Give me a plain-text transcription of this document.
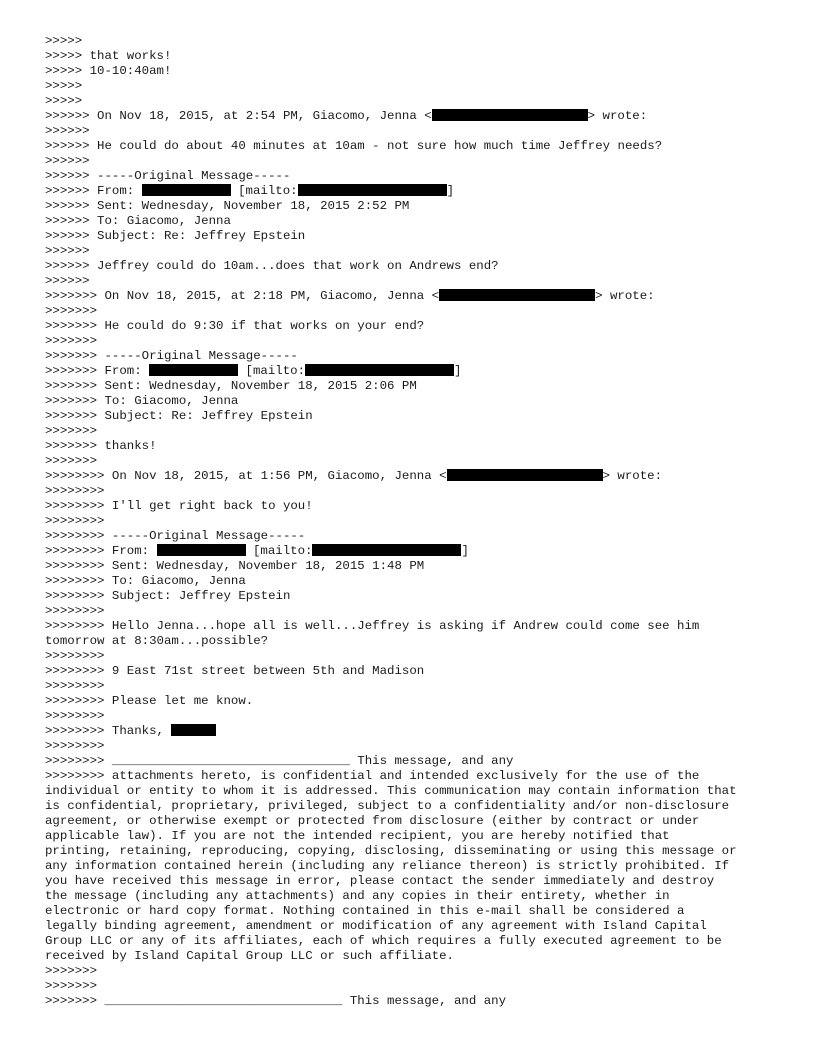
>>>>>
>>>>> that works!
>>>>> 10-10:40am!
>>>>>
>>>>>
>>>>>> On Nov 18, 2015, at 2:54 PM, Giacomo, Jenna <	> wrote:
>>>>>>
>>>>>> He could do about 40 minutes at 10am - not sure how much time Jeffrey needs?
>>>>>>
>>>>>> -----Original Message-----
>>>>>> From:	[mailto:	]
>>>>>> Sent: Wednesday, November 18, 2015 2:52 PM
>>>>>> To: Giacomo, Jenna
>>>>>> Subject: Re: Jeffrey Epstein
>>>>>>
>>>>>> Jeffrey could do 10am...does that work on Andrews end?
>>>>>>
>>>>>>> On Nov 18, 2015, at 2:18 PM, Giacomo, Jenna <	> wrote:
>>>>>>>
>>>>>>> He could do 9:30 if that works on your end?
>>>>>>>
>>>>>>> -----Original Message-----
>>>>>>> From:	[mailto:	]
>>>>>>> Sent: Wednesday, November 18, 2015 2:06 PM
>>>>>>> To: Giacomo, Jenna
>>>>>>> Subject: Re: Jeffrey Epstein
>>>>>>>
>>>>>>> thanks!
>>>>>>>
>>>>>>>> On Nov 18, 2015, at 1:56 PM, Giacomo, Jenna <	> wrote:
>>>>>>>>
>>>>>>>> I'll get right back to you!
>>>>>>>>
>>>>>>>> -----Original Message-----
>>>>>>>> From:	[mailto:	]
>>>>>>>> Sent: Wednesday, November 18, 2015 1:48 PM
>>>>>>>> To: Giacomo, Jenna
>>>>>>>> Subject: Jeffrey Epstein
>>>>>>>>
>>>>>>>> Hello Jenna...hope all is well...Jeffrey is asking if Andrew could come see him
tomorrow at 8:30am...possible?
>>>>>>>>
>>>>>>>> 9 East 71st street between 5th and Madison
>>>>>>>>
>>>>>>>> Please let me know.
>>>>>>>>
>>>>>>>> Thanks,
>>>>>>>>
>>>>>>>> ________________________________ This message, and any
>>>>>>>> attachments hereto, is confidential and intended exclusively for the use of the
individual or entity to whom it is addressed. This communication may contain information that
is confidential, proprietary, privileged, subject to a confidentiality and/or non-disclosure
agreement, or otherwise exempt or protected from disclosure (either by contract or under
applicable law). If you are not the intended recipient, you are hereby notified that
printing, retaining, reproducing, copying, disclosing, disseminating or using this message or
any information contained herein (including any reliance thereon) is strictly prohibited. If
you have received this message in error, please contact the sender immediately and destroy
the message (including any attachments) and any copies in their entirety, whether in
electronic or hard copy format. Nothing contained in this e-mail shall be considered a
legally binding agreement, amendment or modification of any agreement with Island Capital
Group LLC or any of its affiliates, each of which requires a fully executed agreement to be
received by Island Capital Group LLC or such affiliate.
>>>>>>>
>>>>>>>
>>>>>>> ________________________________ This message, and any
